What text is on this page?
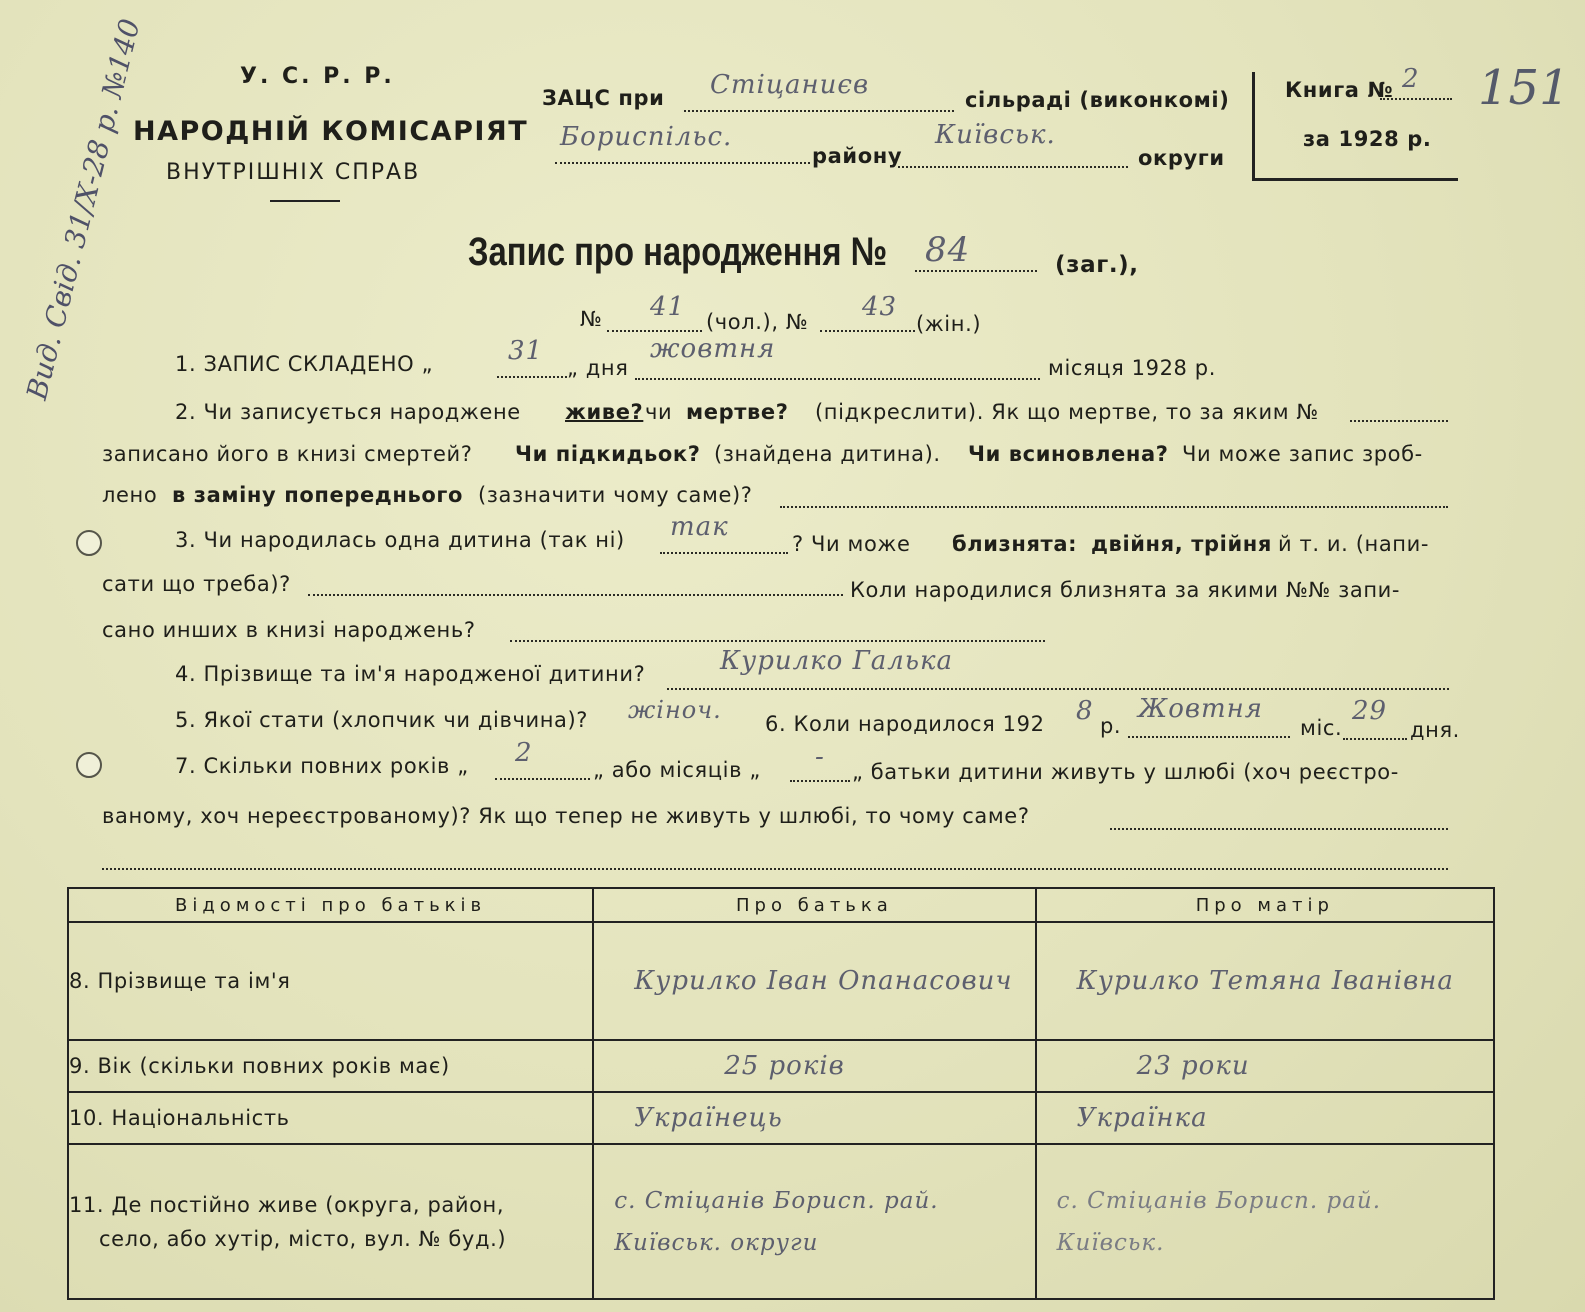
Вид. Свід. 31/Х-28 р. №140	151
У. С. Р. Р.
НАРОДНІЙ КОМІСАРІЯТ
ВНУТРІШНІХ СПРАВ
ЗАЦС при Стіцаниєв	сільраді (виконкомі)
Бориспільс.
району
Київськ.
округи
Книга № 2
за 1928 р.
Запис про народження № 84	(заг.),
№ 41 (чол.), № 43
(жін.)
1. ЗАПИС СКЛАДЕНО „	31
„ дня
жовтня
місяця 1928 р.
2. Чи записується народжене живе? чи мертве? (підкреслити). Як що мертве, то за яким №
записано його в книзі смертей? Чи підкидьок? (знайдена дитина). Чи всиновлена? Чи може запис зроб-
лено в заміну попереднього (зазначити чому саме)?
3. Чи народилась одна дитина (так ні) так
? Чи може близнята: двійня, трійня й т. и. (напи-
сати що треба)?	Коли народилися близнята за якими №№ запи-
сано инших в книзі народжень?
4. Прізвище та ім'я народженої дитини?	Курилко Галька
5. Якої стати (хлопчик чи дівчина)? жіноч. 6. Коли народилося 192 8 р.
Жовтня
міс.
29
дня.
7. Скільки повних років „ 2
„ або місяців „ - „ батьки дитини живуть у шлюбі (хоч реєстро-
ваному, хоч нереєстрованому)? Як що тепер не живуть у шлюбі, то чому саме?
Відомості про батьків	Про батька	Про матір
8. Прізвище та ім'я	Курилко Іван Опанасович	Курилко Тетяна Іванівна

9. Вік (скільки повних років має)	25 років	23 роки

10. Національність	Українець	Українка

11. Де постійно живе (округа, район,
село, або хутір, місто, вул. № буд.)	с. Стіцанів Борисп. рай. Київськ. округи	с. Стіцанів Борисп. рай. Київськ.
